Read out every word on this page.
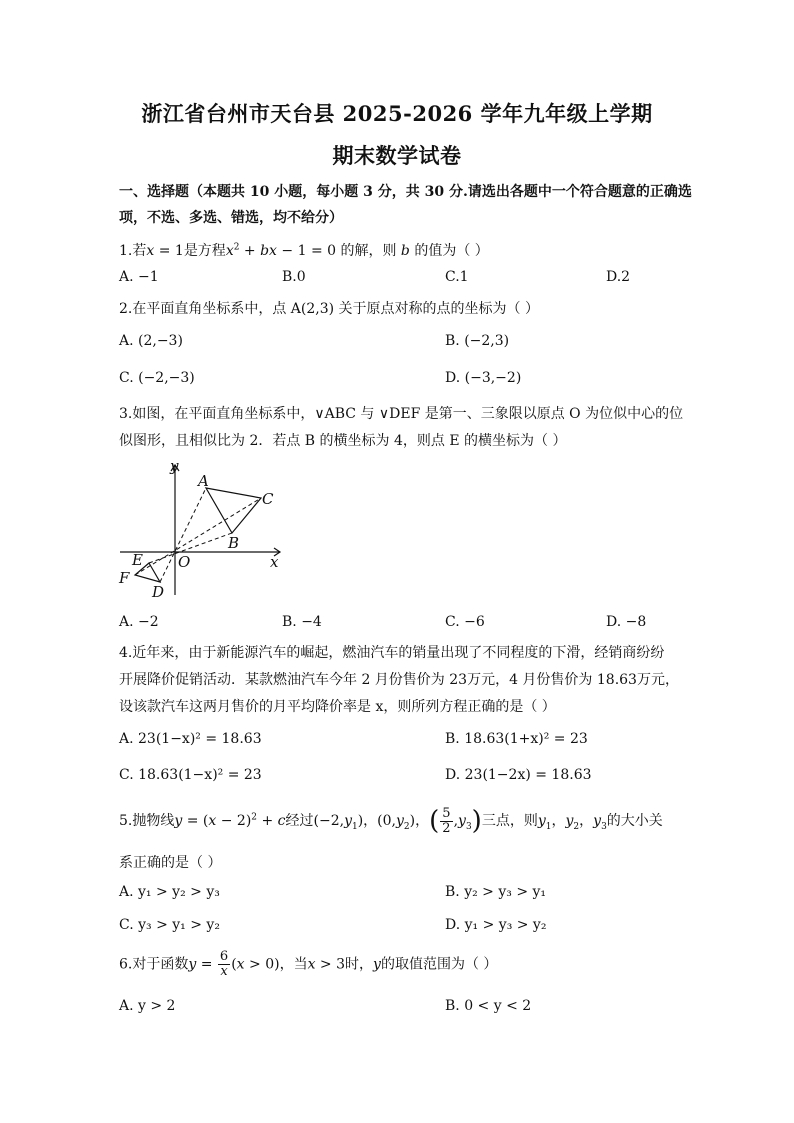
浙江省台州市天台县 2025-2026 学年九年级上学期
期末数学试卷
一、选择题（本题共 10 小题，每小题 3 分，共 30 分.请选出各题中一个符合题意的正确选
项，不选、多选、错选，均不给分）
1.若x = 1是方程$x^2$ + bx − 1 = 0 的解，则 b 的值为（ ）
A. −1	B.0	C.1	D.2
2.在平面直角坐标系中，点 A(2,3) 关于原点对称的点的坐标为（ ）
A. (2,−3)	B. (−2,3)
C. (−2,−3)	D. (−3,−2)
3.如图，在平面直角坐标系中，∨ABC 与 ∨DEF 是第一、三象限以原点 O 为位似中心的位
似图形，且相似比为 2．若点 B 的横坐标为 4，则点 E 的横坐标为（ ）
y
A
C
B
O	x
E
F
D
A. −2	B. −4	C. −6	D. −8
4.近年来，由于新能源汽车的崛起，燃油汽车的销量出现了不同程度的下滑，经销商纷纷
开展降价促销活动．某款燃油汽车今年 2 月份售价为 23万元，4 月份售价为 18.63万元，
设该款汽车这两月售价的月平均降价率是 x，则所列方程正确的是（ ）
A. 23(1−x)² = 18.63	B. 18.63(1+x)² = 23
C. 18.63(1−x)² = 23	D. 23(1−2x) = 18.63
5.抛物线$y = (x - 2)^2 + c$经过$(-2,y_1)$，$(0,y_2)$，( $\frac{5}{2} ,y_3$)三点，则$y_1$，$y_2$，$y_3$的大小关
系正确的是（ ）
A. y₁ > y₂ > y₃	B. y₂ > y₃ > y₁
C. y₃ > y₁ > y₂	D. y₁ > y₃ > y₂
6.对于函数$y = \frac{6}{x} (x > 0)$，当x > 3时，y的取值范围为（ ）
A. y > 2	B. 0 < y < 2
